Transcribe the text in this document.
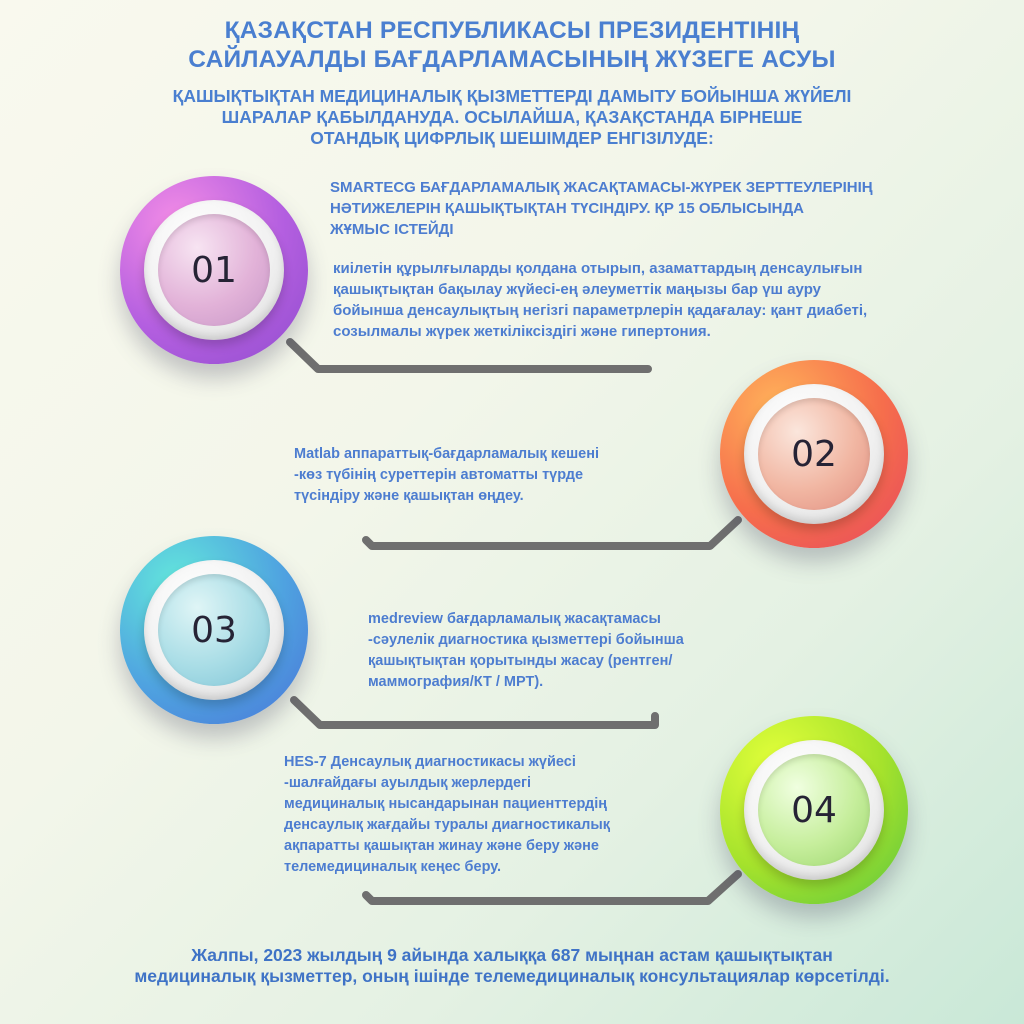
ҚАЗАҚСТАН РЕСПУБЛИКАСЫ ПРЕЗИДЕНТІНІҢ
САЙЛАУАЛДЫ БАҒДАРЛАМАСЫНЫҢ ЖҮЗЕГЕ АСУЫ
ҚАШЫҚТЫҚТАН МЕДИЦИНАЛЫҚ ҚЫЗМЕТТЕРДІ ДАМЫТУ БОЙЫНША ЖҮЙЕЛІ
ШАРАЛАР ҚАБЫЛДАНУДА. ОСЫЛАЙША, ҚАЗАҚСТАНДА БІРНЕШЕ
ОТАНДЫҚ ЦИФРЛЫҚ ШЕШІМДЕР ЕНГІЗІЛУДЕ:
01
02
03
04
SMARTECG БАҒДАРЛАМАЛЫҚ ЖАСАҚТАМАСЫ-ЖҮРЕК ЗЕРТТЕУЛЕРІНІҢ
НӘТИЖЕЛЕРІН ҚАШЫҚТЫҚТАН ТҮСІНДІРУ. ҚР 15 ОБЛЫСЫНДА
ЖҰМЫС ІСТЕЙДІ
киілетін құрылғыларды қолдана отырып, азаматтардың денсаулығын
қашықтықтан бақылау жүйесі-ең әлеуметтік маңызы бар үш ауру
бойынша денсаулықтың негізгі параметрлерін қадағалау: қант диабеті,
созылмалы жүрек жеткіліксіздігі және гипертония.
Matlab аппараттық-бағдарламалық кешені
-көз түбінің суреттерін автоматты түрде
түсіндіру және қашықтан өңдеу.
medreview бағдарламалық жасақтамасы
-сәулелік диагностика қызметтері бойынша
қашықтықтан қорытынды жасау (рентген/
маммография/КТ / МРТ).
HES-7 Денсаулық диагностикасы жүйесі
-шалғайдағы ауылдық жерлердегі
медициналық нысандарынан пациенттердің
денсаулық жағдайы туралы диагностикалық
ақпаратты қашықтан жинау және беру және
телемедициналық кеңес беру.
Жалпы, 2023 жылдың 9 айында халыққа 687 мыңнан астам қашықтықтан
медициналық қызметтер, оның ішінде телемедициналық консультациялар көрсетілді.
